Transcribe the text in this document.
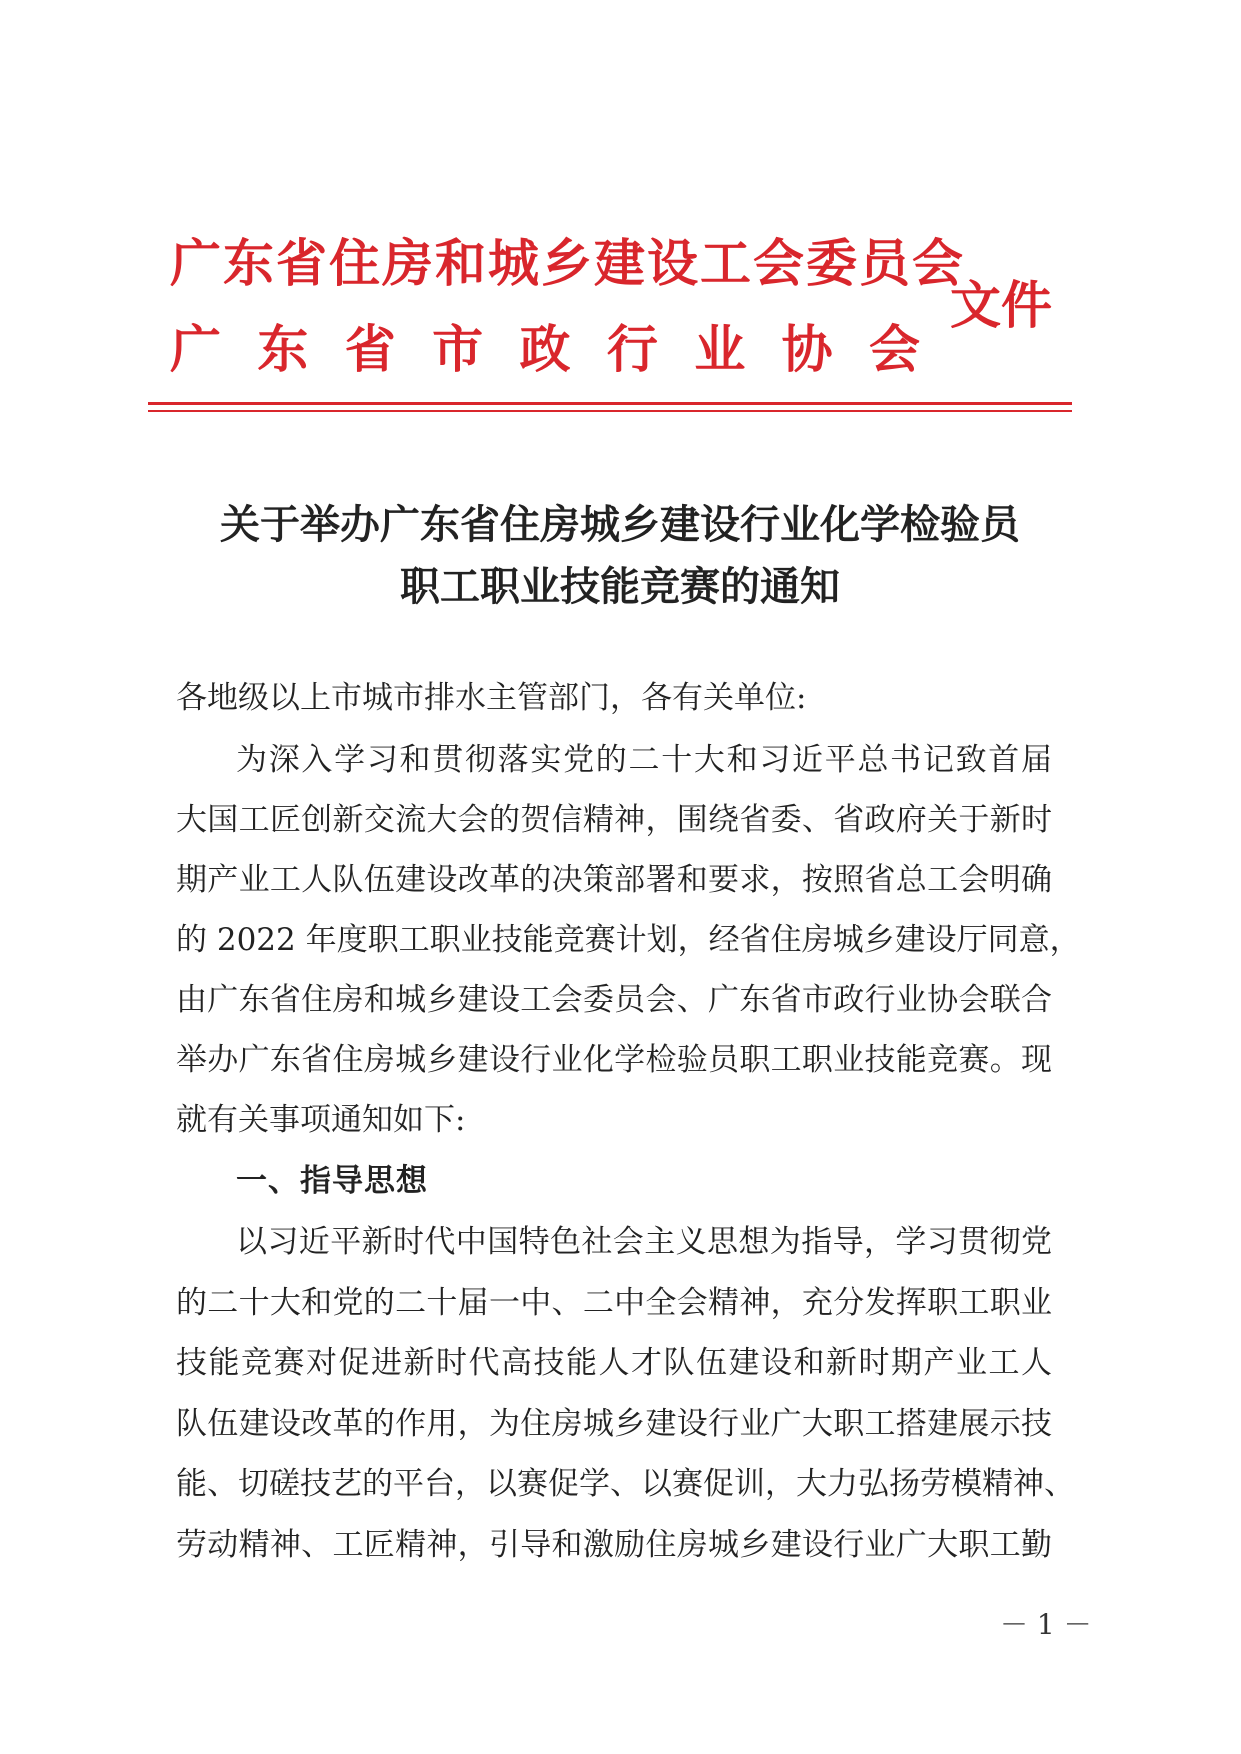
广东省住房和城乡建设工会委员会
广 东 省 市 政 行 业 协 会
文件
关于举办广东省住房城乡建设行业化学检验员
职工职业技能竞赛的通知
各地级以上市城市排水主管部门，各有关单位:
为深入学习和贯彻落实党的二十大和习近平总书记致首届
大国工匠创新交流大会的贺信精神，围绕省委、省政府关于新时
期产业工人队伍建设改革的决策部署和要求，按照省总工会明确
的 2022 年度职工职业技能竞赛计划，经省住房城乡建设厅同意，
由广东省住房和城乡建设工会委员会、广东省市政行业协会联合
举办广东省住房城乡建设行业化学检验员职工职业技能竞赛。现
就有关事项通知如下:
一、指导思想
以习近平新时代中国特色社会主义思想为指导，学习贯彻党
的二十大和党的二十届一中、二中全会精神，充分发挥职工职业
技能竞赛对促进新时代高技能人才队伍建设和新时期产业工人
队伍建设改革的作用，为住房城乡建设行业广大职工搭建展示技
能、切磋技艺的平台，以赛促学、以赛促训，大力弘扬劳模精神、
劳动精神、工匠精神，引导和激励住房城乡建设行业广大职工勤
－ 1 －
